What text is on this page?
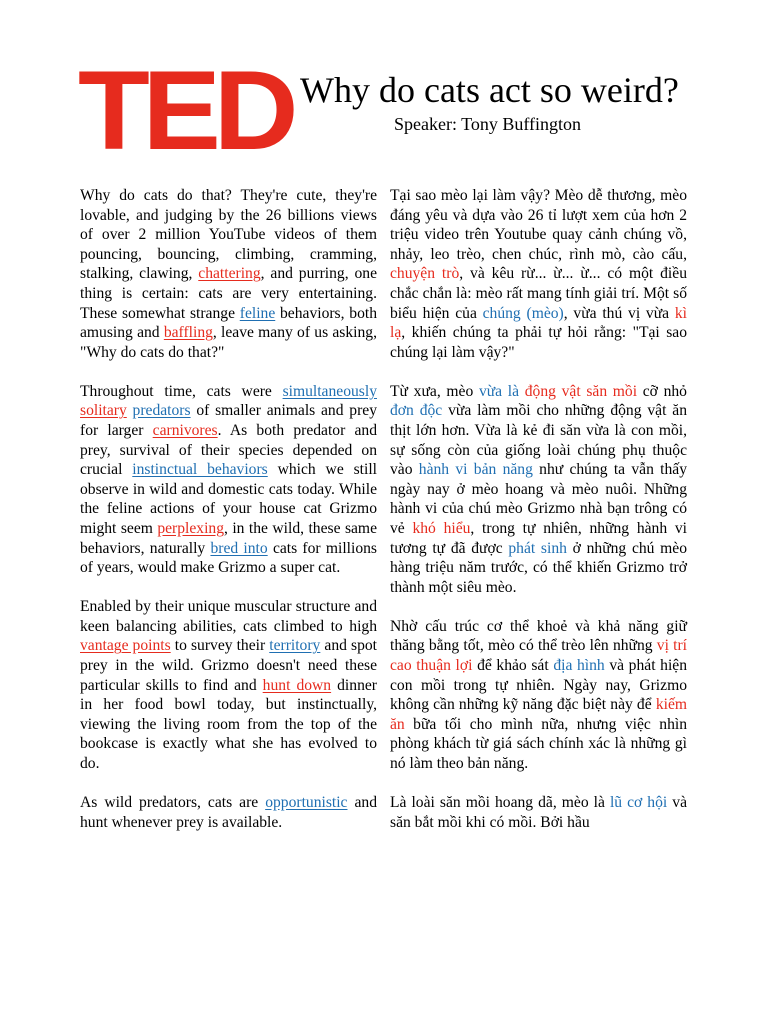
TED Why do cats act so weird?
Speaker: Tony Buffington

Why do cats do that? They're cute, they're lovable, and judging by the 26 billions views of over 2 million YouTube videos of them pouncing, bouncing, climbing, cramming, stalking, clawing, chattering, and purring, one thing is certain: cats are very entertaining. These somewhat strange feline behaviors, both amusing and baffling, leave many of us asking, "Why do cats do that?"

Throughout time, cats were simultaneously solitary predators of smaller animals and prey for larger carnivores. As both predator and prey, survival of their species depended on crucial instinctual behaviors which we still observe in wild and domestic cats today. While the feline actions of your house cat Grizmo might seem perplexing, in the wild, these same behaviors, naturally bred into cats for millions of years, would make Grizmo a super cat.

Enabled by their unique muscular structure and keen balancing abilities, cats climbed to high vantage points to survey their territory and spot prey in the wild. Grizmo doesn't need these particular skills to find and hunt down dinner in her food bowl today, but instinctually, viewing the living room from the top of the bookcase is exactly what she has evolved to do.

As wild predators, cats are opportunistic and hunt whenever prey is available.

Tại sao mèo lại làm vậy? Mèo dễ thương, mèo đáng yêu và dựa vào 26 tỉ lượt xem của hơn 2 triệu video trên Youtube quay cảnh chúng vồ, nhảy, leo trèo, chen chúc, rình mò, cào cấu, chuyện trò, và kêu rừ... ừ... ừ... có một điều chắc chắn là: mèo rất mang tính giải trí. Một số biểu hiện của chúng (mèo), vừa thú vị vừa kì lạ, khiến chúng ta phải tự hỏi rằng: "Tại sao chúng lại làm vậy?"

Từ xưa, mèo vừa là động vật săn mồi cỡ nhỏ đơn độc vừa làm mồi cho những động vật ăn thịt lớn hơn. Vừa là kẻ đi săn vừa là con mồi, sự sống còn của giống loài chúng phụ thuộc vào hành vi bản năng như chúng ta vẫn thấy ngày nay ở mèo hoang và mèo nuôi. Những hành vi của chú mèo Grizmo nhà bạn trông có vẻ khó hiểu, trong tự nhiên, những hành vi tương tự đã được phát sinh ở những chú mèo hàng triệu năm trước, có thể khiến Grizmo trở thành một siêu mèo.

Nhờ cấu trúc cơ thể khoẻ và khả năng giữ thăng bằng tốt, mèo có thể trèo lên những vị trí cao thuận lợi để khảo sát địa hình và phát hiện con mồi trong tự nhiên. Ngày nay, Grizmo không cần những kỹ năng đặc biệt này để kiếm ăn bữa tối cho mình nữa, nhưng việc nhìn phòng khách từ giá sách chính xác là những gì nó làm theo bản năng.

Là loài săn mồi hoang dã, mèo là lũ cơ hội và săn bắt mồi khi có mồi. Bởi hầu
